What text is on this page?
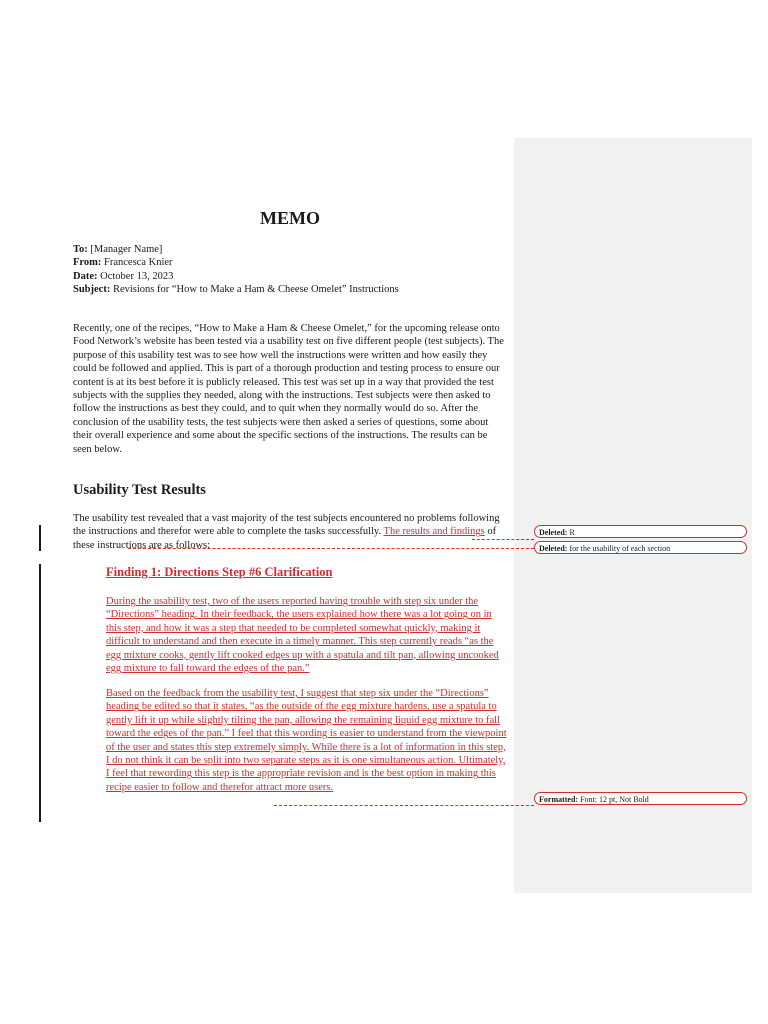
MEMO
To: [Manager Name]
From: Francesca Knier
Date: October 13, 2023
Subject: Revisions for “How to Make a Ham & Cheese Omelet” Instructions

Recently, one of the recipes, “How to Make a Ham & Cheese Omelet,” for the upcoming release onto Food Network’s website has been tested via a usability test on five different people (test subjects). The purpose of this usability test was to see how well the instructions were written and how easily they could be followed and applied. This is part of a thorough production and testing process to ensure our content is at its best before it is publicly released. This test was set up in a way that provided the test subjects with the supplies they needed, along with the instructions. Test subjects were then asked to follow the instructions as best they could, and to quit when they normally would do so. After the conclusion of the usability tests, the test subjects were then asked a series of questions, some about their overall experience and some about the specific sections of the instructions. The results can be seen below.

Usability Test Results

The usability test revealed that a vast majority of the test subjects encountered no problems following the instructions and therefor were able to complete the tasks successfully. The results and findings of these instructions are as follows:

Finding 1: Directions Step #6 Clarification

During the usability test, two of the users reported having trouble with step six under the “Directions” heading. In their feedback, the users explained how there was a lot going on in this step, and how it was a step that needed to be completed somewhat quickly, making it difficult to understand and then execute in a timely manner. This step currently reads “as the egg mixture cooks, gently lift cooked edges up with a spatula and tilt pan, allowing uncooked egg mixture to fall toward the edges of the pan.”

Based on the feedback from the usability test, I suggest that step six under the “Directions” heading be edited so that it states, “as the outside of the egg mixture hardens, use a spatula to gently lift it up while slightly tilting the pan, allowing the remaining liquid egg mixture to fall toward the edges of the pan.” I feel that this wording is easier to understand from the viewpoint of the user and states this step extremely simply. While there is a lot of information in this step, I do not think it can be split into two separate steps as it is one simultaneous action. Ultimately, I feel that rewording this step is the appropriate revision and is the best option in making this recipe easier to follow and therefor attract more users.

Deleted: R
Deleted: for the usability of each section
Formatted: Font: 12 pt, Not Bold
